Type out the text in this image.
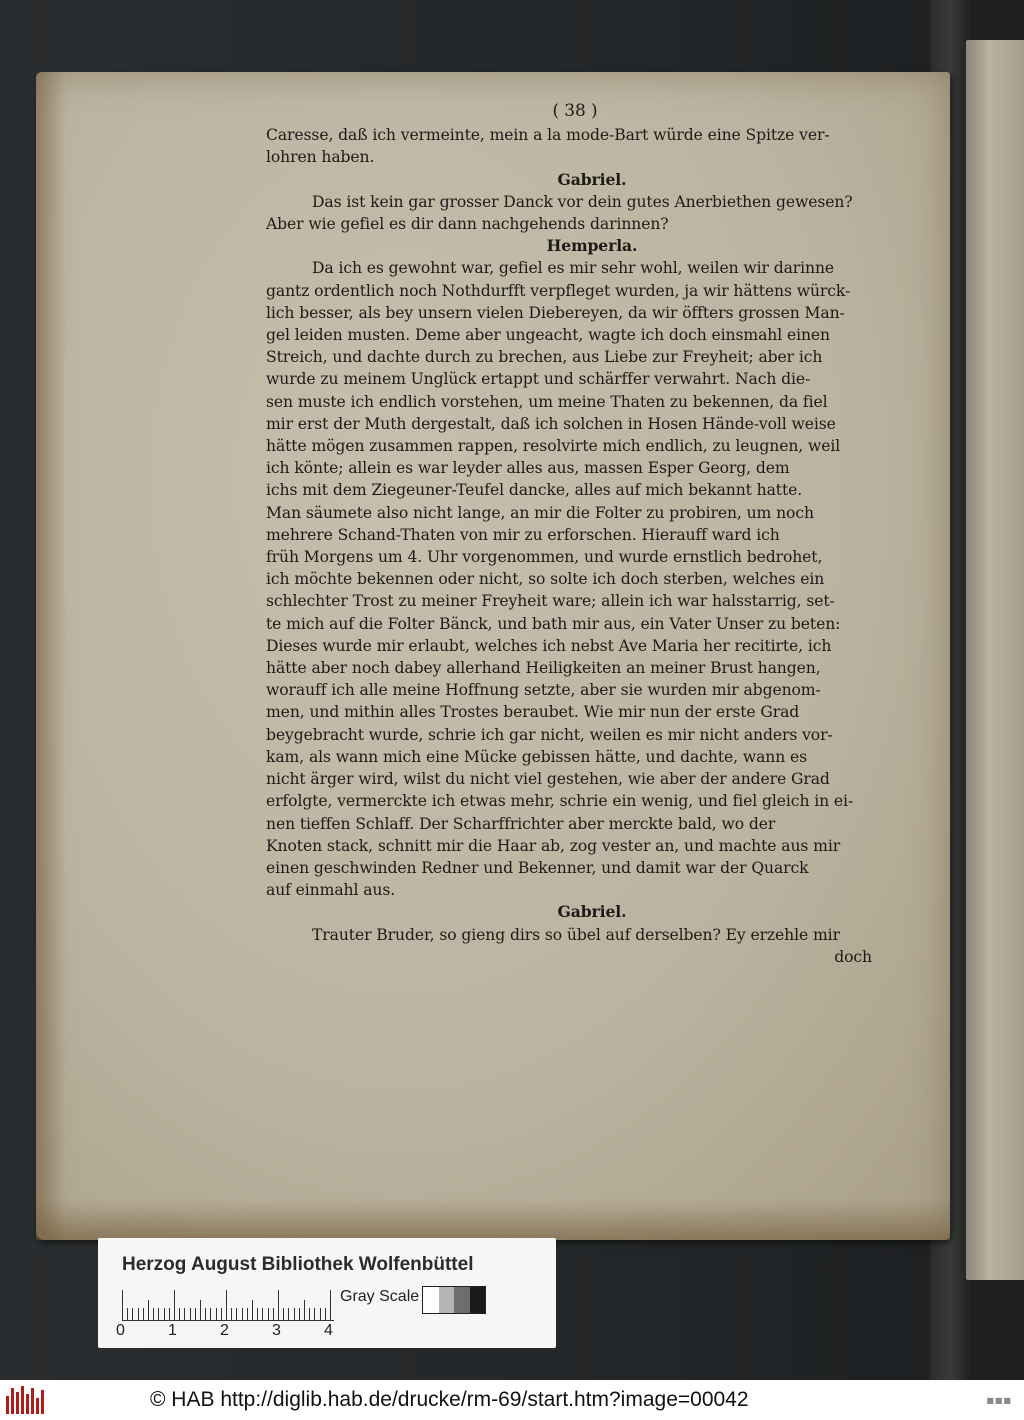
( 38 )
Caresse, daß ich vermeinte, mein a la mode-Bart würde eine Spitze ver-
lohren haben.
Gabriel.
Das ist kein gar grosser Danck vor dein gutes Anerbiethen gewesen?
Aber wie gefiel es dir dann nachgehends darinnen?
Hemperla.
Da ich es gewohnt war, gefiel es mir sehr wohl, weilen wir darinne
gantz ordentlich noch Nothdurfft verpfleget wurden, ja wir hättens würck-
lich besser, als bey unsern vielen Diebereyen, da wir öffters grossen Man-
gel leiden musten. Deme aber ungeacht, wagte ich doch einsmahl einen
Streich, und dachte durch zu brechen, aus Liebe zur Freyheit; aber ich
wurde zu meinem Unglück ertappt und schärffer verwahrt. Nach die-
sen muste ich endlich vorstehen, um meine Thaten zu bekennen, da fiel
mir erst der Muth dergestalt, daß ich solchen in Hosen Hände-voll weise
hätte mögen zusammen rappen, resolvirte mich endlich, zu leugnen, weil
ich könte; allein es war leyder alles aus, massen Esper Georg, dem
ichs mit dem Ziegeuner-Teufel dancke, alles auf mich bekannt hatte.
Man säumete also nicht lange, an mir die Folter zu probiren, um noch
mehrere Schand-Thaten von mir zu erforschen. Hierauff ward ich
früh Morgens um 4. Uhr vorgenommen, und wurde ernstlich bedrohet,
ich möchte bekennen oder nicht, so solte ich doch sterben, welches ein
schlechter Trost zu meiner Freyheit ware; allein ich war halsstarrig, set-
te mich auf die Folter Bänck, und bath mir aus, ein Vater Unser zu beten:
Dieses wurde mir erlaubt, welches ich nebst Ave Maria her recitirte, ich
hätte aber noch dabey allerhand Heiligkeiten an meiner Brust hangen,
worauff ich alle meine Hoffnung setzte, aber sie wurden mir abgenom-
men, und mithin alles Trostes beraubet. Wie mir nun der erste Grad
beygebracht wurde, schrie ich gar nicht, weilen es mir nicht anders vor-
kam, als wann mich eine Mücke gebissen hätte, und dachte, wann es
nicht ärger wird, wilst du nicht viel gestehen, wie aber der andere Grad
erfolgte, vermerckte ich etwas mehr, schrie ein wenig, und fiel gleich in ei-
nen tieffen Schlaff. Der Scharffrichter aber merckte bald, wo der
Knoten stack, schnitt mir die Haar ab, zog vester an, und machte aus mir
einen geschwinden Redner und Bekenner, und damit war der Quarck
auf einmahl aus.
Gabriel.
Trauter Bruder, so gieng dirs so übel auf derselben? Ey erzehle mir
doch
Herzog August Bibliothek Wolfenbüttel
0	1	2	3	4
Gray Scale
© HAB http://diglib.hab.de/drucke/rm-69/start.htm?image=00042	■■■
